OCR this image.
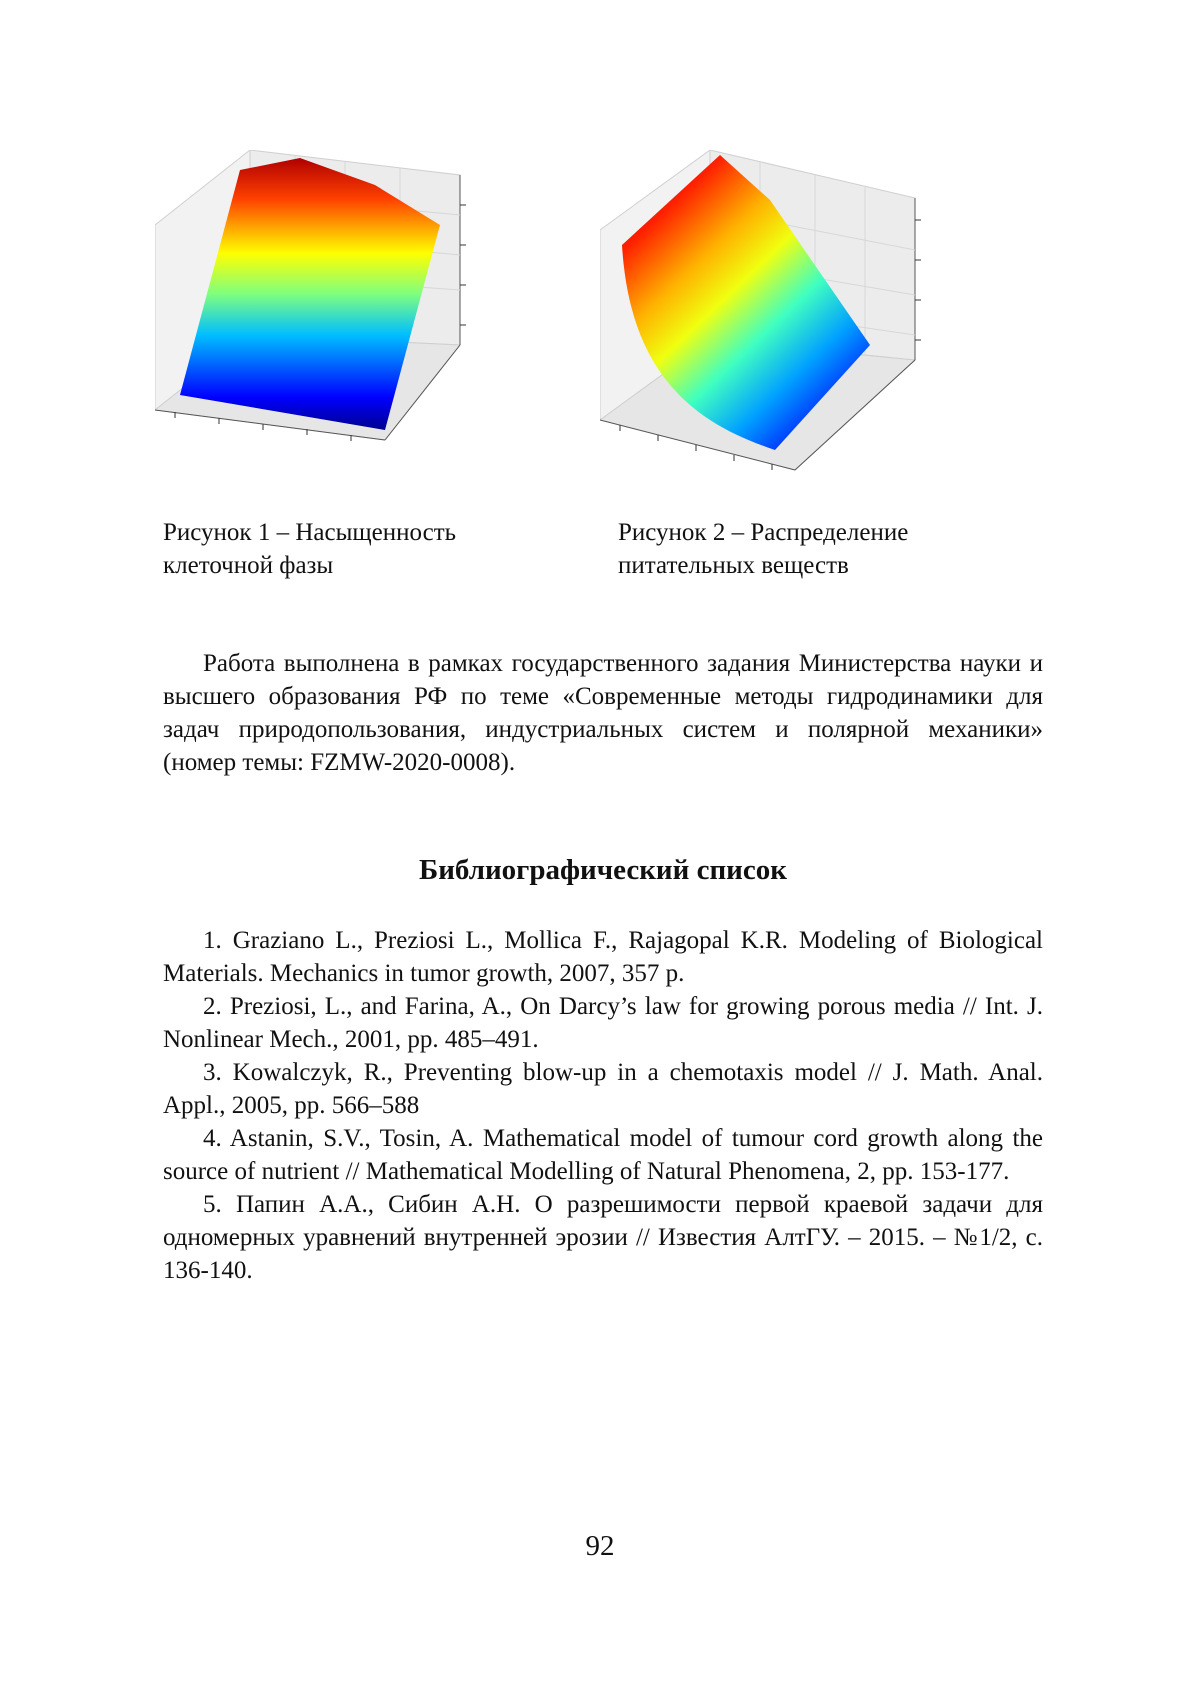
Рисунок 1 – Насыщенность
клеточной фазы
Рисунок 2 – Распределение
питательных веществ

Работа выполнена в рамках государственного задания Министерства науки и высшего образования РФ по теме «Современные методы гидродинамики для задач природопользования, индустриальных систем и полярной механики» (номер темы: FZMW-2020-0008).

Библиографический список

1. Graziano L., Preziosi L., Mollica F., Rajagopal K.R. Modeling of Biological Materials. Mechanics in tumor growth, 2007, 357 p.

2. Preziosi, L., and Farina, A., On Darcy’s law for growing porous media // Int. J. Nonlinear Mech., 2001, pp. 485–491.

3. Kowalczyk, R., Preventing blow-up in a chemotaxis model // J. Math. Anal. Appl., 2005, pp. 566–588

4. Astanin, S.V., Tosin, A. Mathematical model of tumour cord growth along the source of nutrient // Mathematical Modelling of Natural Phenomena, 2, pp. 153-177.

5. Папин А.А., Сибин А.Н. О разрешимости первой краевой задачи для одномерных уравнений внутренней эрозии // Известия АлтГУ. – 2015. – №1/2, с. 136-140.

92
